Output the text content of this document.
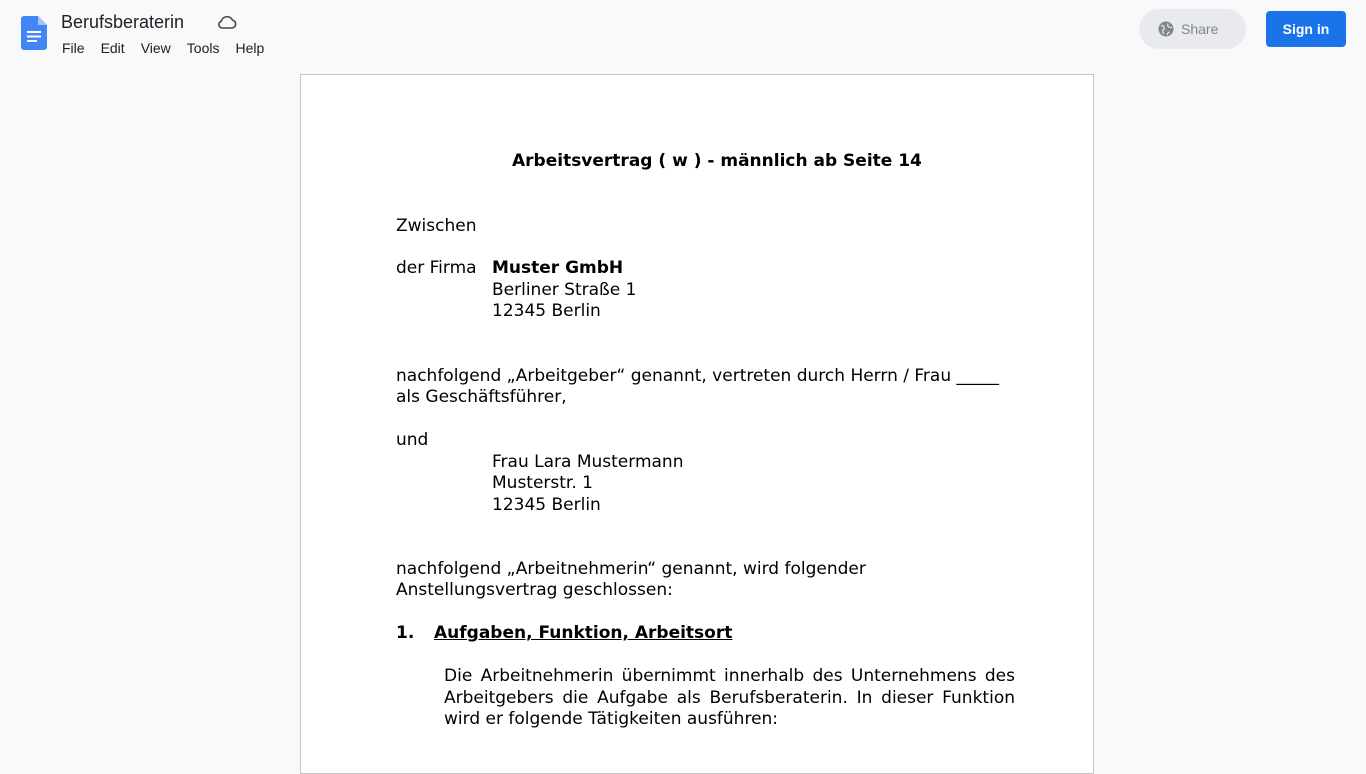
Berufsberaterin
File	Edit	View	Tools	Help
Share	Sign in
Arbeitsvertrag ( w ) - männlich ab Seite 14
Zwischen
der Firma Muster GmbH
Berliner Straße 1
12345 Berlin
nachfolgend „Arbeitgeber“ genannt, vertreten durch Herrn / Frau _____
als Geschäftsführer,
und
Frau Lara Mustermann
Musterstr. 1
12345 Berlin
nachfolgend „Arbeitnehmerin“ genannt, wird folgender
Anstellungsvertrag geschlossen:
1. Aufgaben, Funktion, Arbeitsort
Die Arbeitnehmerin übernimmt innerhalb des Unternehmens des Arbeitgebers die Aufgabe als Berufsberaterin. In dieser Funktion wird er folgende Tätigkeiten ausführen:
